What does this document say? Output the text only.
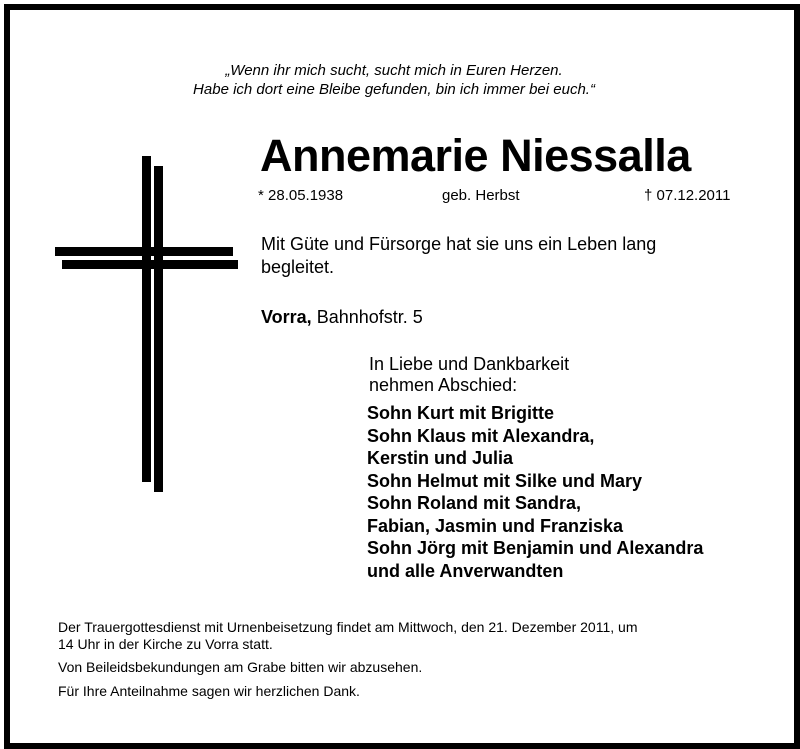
„Wenn ihr mich sucht, sucht mich in Euren Herzen.
Habe ich dort eine Bleibe gefunden, bin ich immer bei euch.“
Annemarie Niessalla
* 28.05.1938	geb. Herbst	† 07.12.2011
Mit Güte und Fürsorge hat sie uns ein Leben lang
begleitet.
Vorra, Bahnhofstr. 5
In Liebe und Dankbarkeit
nehmen Abschied:
Sohn Kurt mit Brigitte
Sohn Klaus mit Alexandra,
Kerstin und Julia
Sohn Helmut mit Silke und Mary
Sohn Roland mit Sandra,
Fabian, Jasmin und Franziska
Sohn Jörg mit Benjamin und Alexandra
und alle Anverwandten
Der Trauergottesdienst mit Urnenbeisetzung findet am Mittwoch, den 21. Dezember 2011, um
14 Uhr in der Kirche zu Vorra statt.
Von Beileidsbekundungen am Grabe bitten wir abzusehen.
Für Ihre Anteilnahme sagen wir herzlichen Dank.
